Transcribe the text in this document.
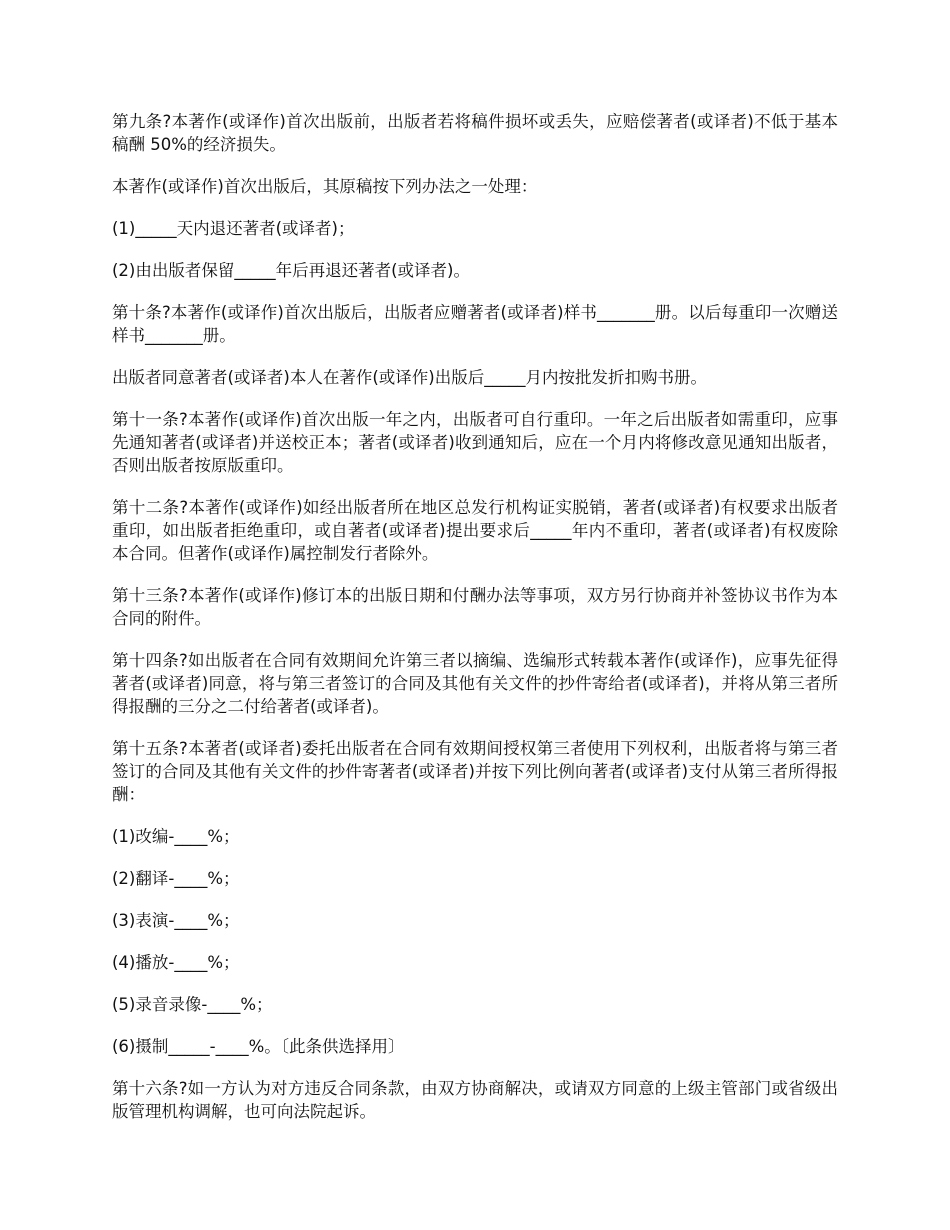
第九条?本著作(或译作)首次出版前，出版者若将稿件损坏或丢失，应赔偿著者(或译者)不低于基本稿酬 50%的经济损失。

本著作(或译作)首次出版后，其原稿按下列办法之一处理：

(1)_____天内退还著者(或译者)；

(2)由出版者保留_____年后再退还著者(或译者)。

第十条?本著作(或译作)首次出版后，出版者应赠著者(或译者)样书_______册。以后每重印一次赠送样书_______册。

出版者同意著者(或译者)本人在著作(或译作)出版后_____月内按批发折扣购书册。

第十一条?本著作(或译作)首次出版一年之内，出版者可自行重印。一年之后出版者如需重印，应事先通知著者(或译者)并送校正本；著者(或译者)收到通知后，应在一个月内将修改意见通知出版者，否则出版者按原版重印。

第十二条?本著作(或译作)如经出版者所在地区总发行机构证实脱销，著者(或译者)有权要求出版者重印，如出版者拒绝重印，或自著者(或译者)提出要求后_____年内不重印，著者(或译者)有权废除本合同。但著作(或译作)属控制发行者除外。

第十三条?本著作(或译作)修订本的出版日期和付酬办法等事项，双方另行协商并补签协议书作为本合同的附件。

第十四条?如出版者在合同有效期间允许第三者以摘编、选编形式转载本著作(或译作)，应事先征得著者(或译者)同意，将与第三者签订的合同及其他有关文件的抄件寄给者(或译者)，并将从第三者所得报酬的三分之二付给著者(或译者)。

第十五条?本著者(或译者)委托出版者在合同有效期间授权第三者使用下列权利，出版者将与第三者签订的合同及其他有关文件的抄件寄著者(或译者)并按下列比例向著者(或译者)支付从第三者所得报酬：

(1)改编-____%；

(2)翻译-____%；

(3)表演-____%；

(4)播放-____%；

(5)录音录像-____%；

(6)摄制_____-____%。〔此条供选择用〕

第十六条?如一方认为对方违反合同条款，由双方协商解决，或请双方同意的上级主管部门或省级出版管理机构调解，也可向法院起诉。
